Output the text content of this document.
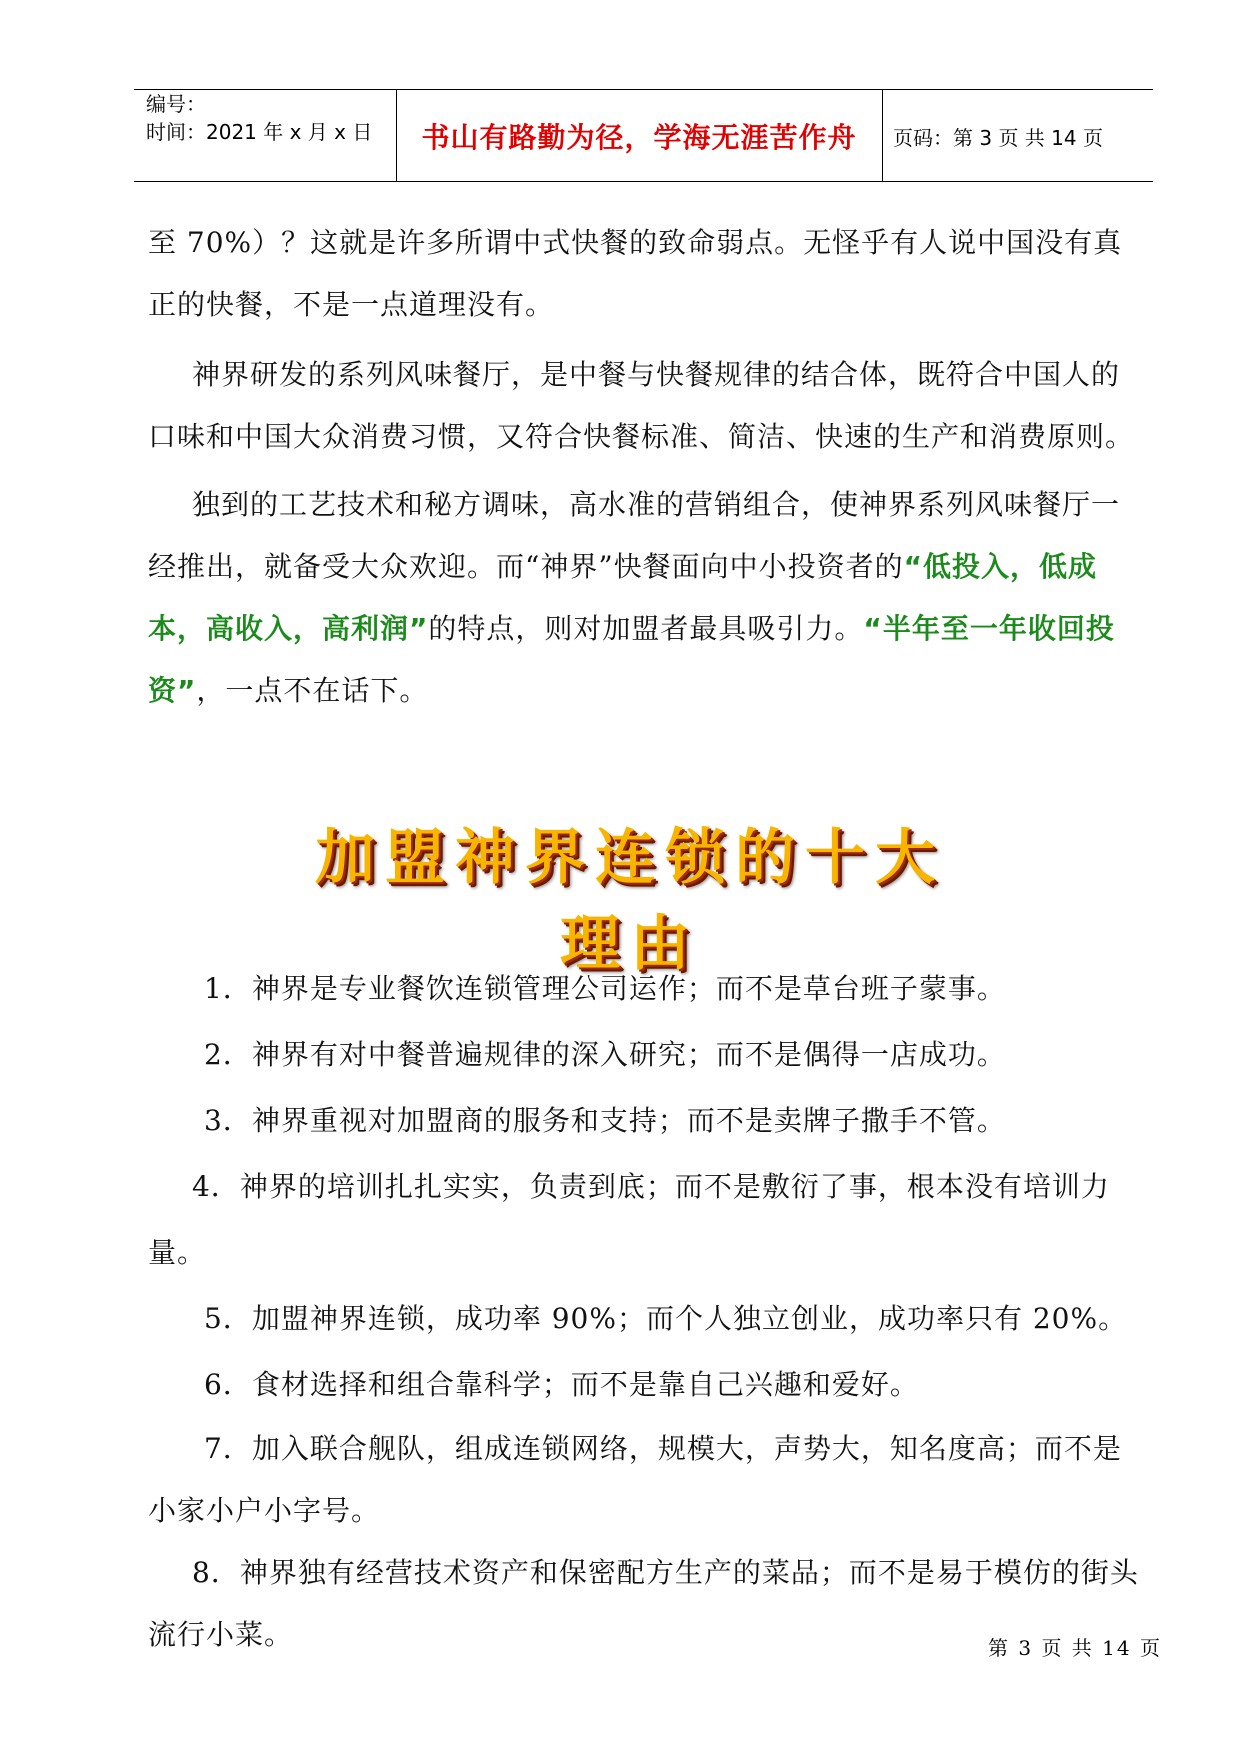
编号：
时间：2021 年 x 月 x 日	书山有路勤为径，学海无涯苦作舟	页码：第 3 页 共 14 页

至 70%）？这就是许多所谓中式快餐的致命弱点。无怪乎有人说中国没有真正的快餐，不是一点道理没有。

神界研发的系列风味餐厅，是中餐与快餐规律的结合体，既符合中国人的口味和中国大众消费习惯，又符合快餐标准、简洁、快速的生产和消费原则。

独到的工艺技术和秘方调味，高水准的营销组合，使神界系列风味餐厅一经推出，就备受大众欢迎。而“神界”快餐面向中小投资者的“低投入，低成本，高收入，高利润”的特点，则对加盟者最具吸引力。“半年至一年收回投资”，一点不在话下。

加盟神界连锁的十大理由
1．神界是专业餐饮连锁管理公司运作；而不是草台班子蒙事。
2．神界有对中餐普遍规律的深入研究；而不是偶得一店成功。
3．神界重视对加盟商的服务和支持；而不是卖牌子撒手不管。
4．神界的培训扎扎实实，负责到底；而不是敷衍了事，根本没有培训力量。
5．加盟神界连锁，成功率 90%；而个人独立创业，成功率只有 20%。
6．食材选择和组合靠科学；而不是靠自己兴趣和爱好。
7．加入联合舰队，组成连锁网络，规模大，声势大，知名度高；而不是小家小户小字号。
8．神界独有经营技术资产和保密配方生产的菜品；而不是易于模仿的街头流行小菜。	第 3 页 共 14 页
